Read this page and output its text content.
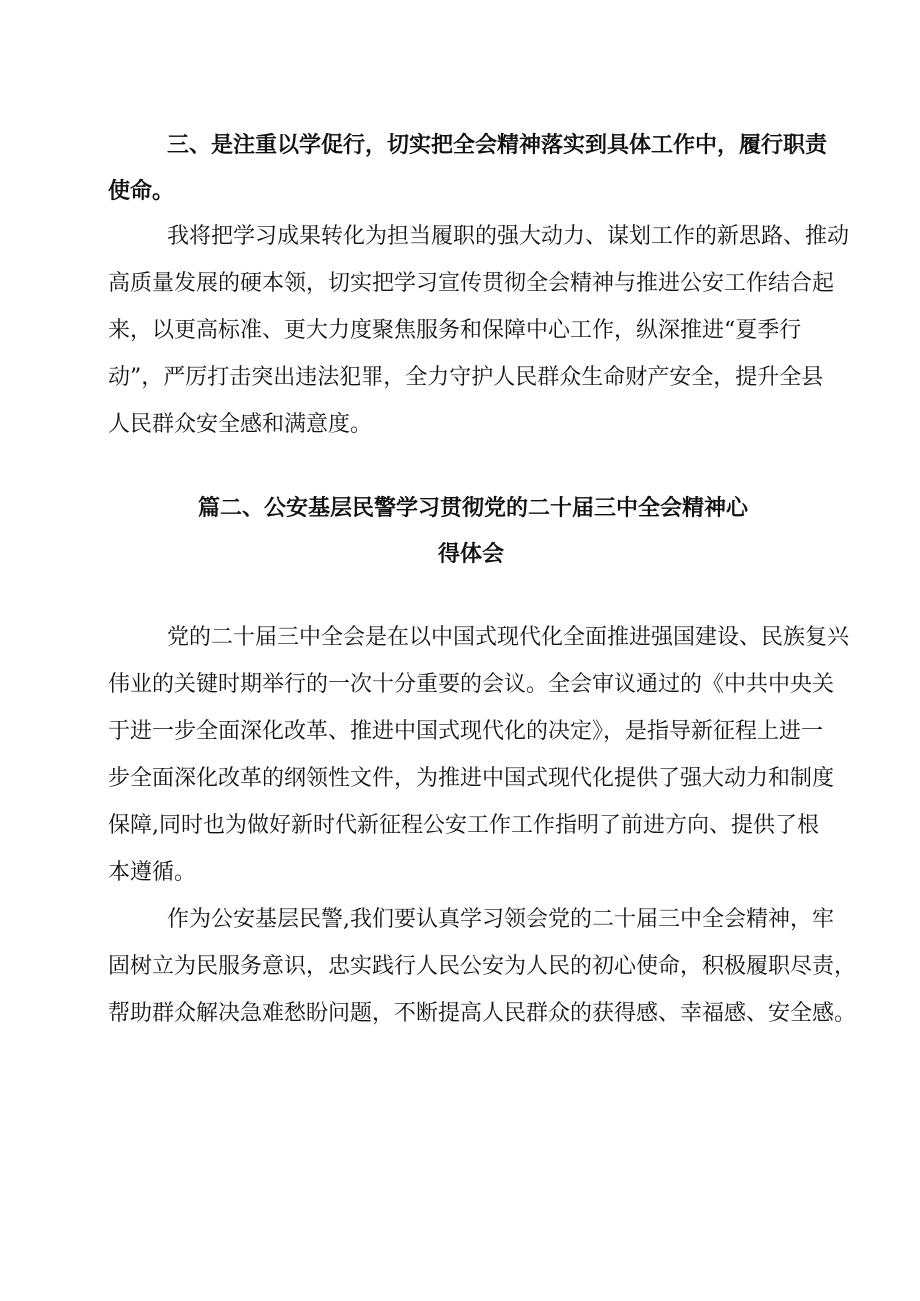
三、是注重以学促行，切实把全会精神落实到具体工作中，履行职责
使命。
我将把学习成果转化为担当履职的强大动力、谋划工作的新思路、推动
高质量发展的硬本领，切实把学习宣传贯彻全会精神与推进公安工作结合起
来，以更高标准、更大力度聚焦服务和保障中心工作，纵深推进“夏季行
动”，严厉打击突出违法犯罪，全力守护人民群众生命财产安全，提升全县
人民群众安全感和满意度。
篇二、公安基层民警学习贯彻党的二十届三中全会精神心
得体会
党的二十届三中全会是在以中国式现代化全面推进强国建设、民族复兴
伟业的关键时期举行的一次十分重要的会议。全会审议通过的《中共中央关
于进一步全面深化改革、推进中国式现代化的决定》，是指导新征程上进一
步全面深化改革的纲领性文件，为推进中国式现代化提供了强大动力和制度
保障,同时也为做好新时代新征程公安工作工作指明了前进方向、提供了根
本遵循。
作为公安基层民警,我们要认真学习领会党的二十届三中全会精神，牢
固树立为民服务意识，忠实践行人民公安为人民的初心使命，积极履职尽责，
帮助群众解决急难愁盼问题，不断提高人民群众的获得感、幸福感、安全感。
